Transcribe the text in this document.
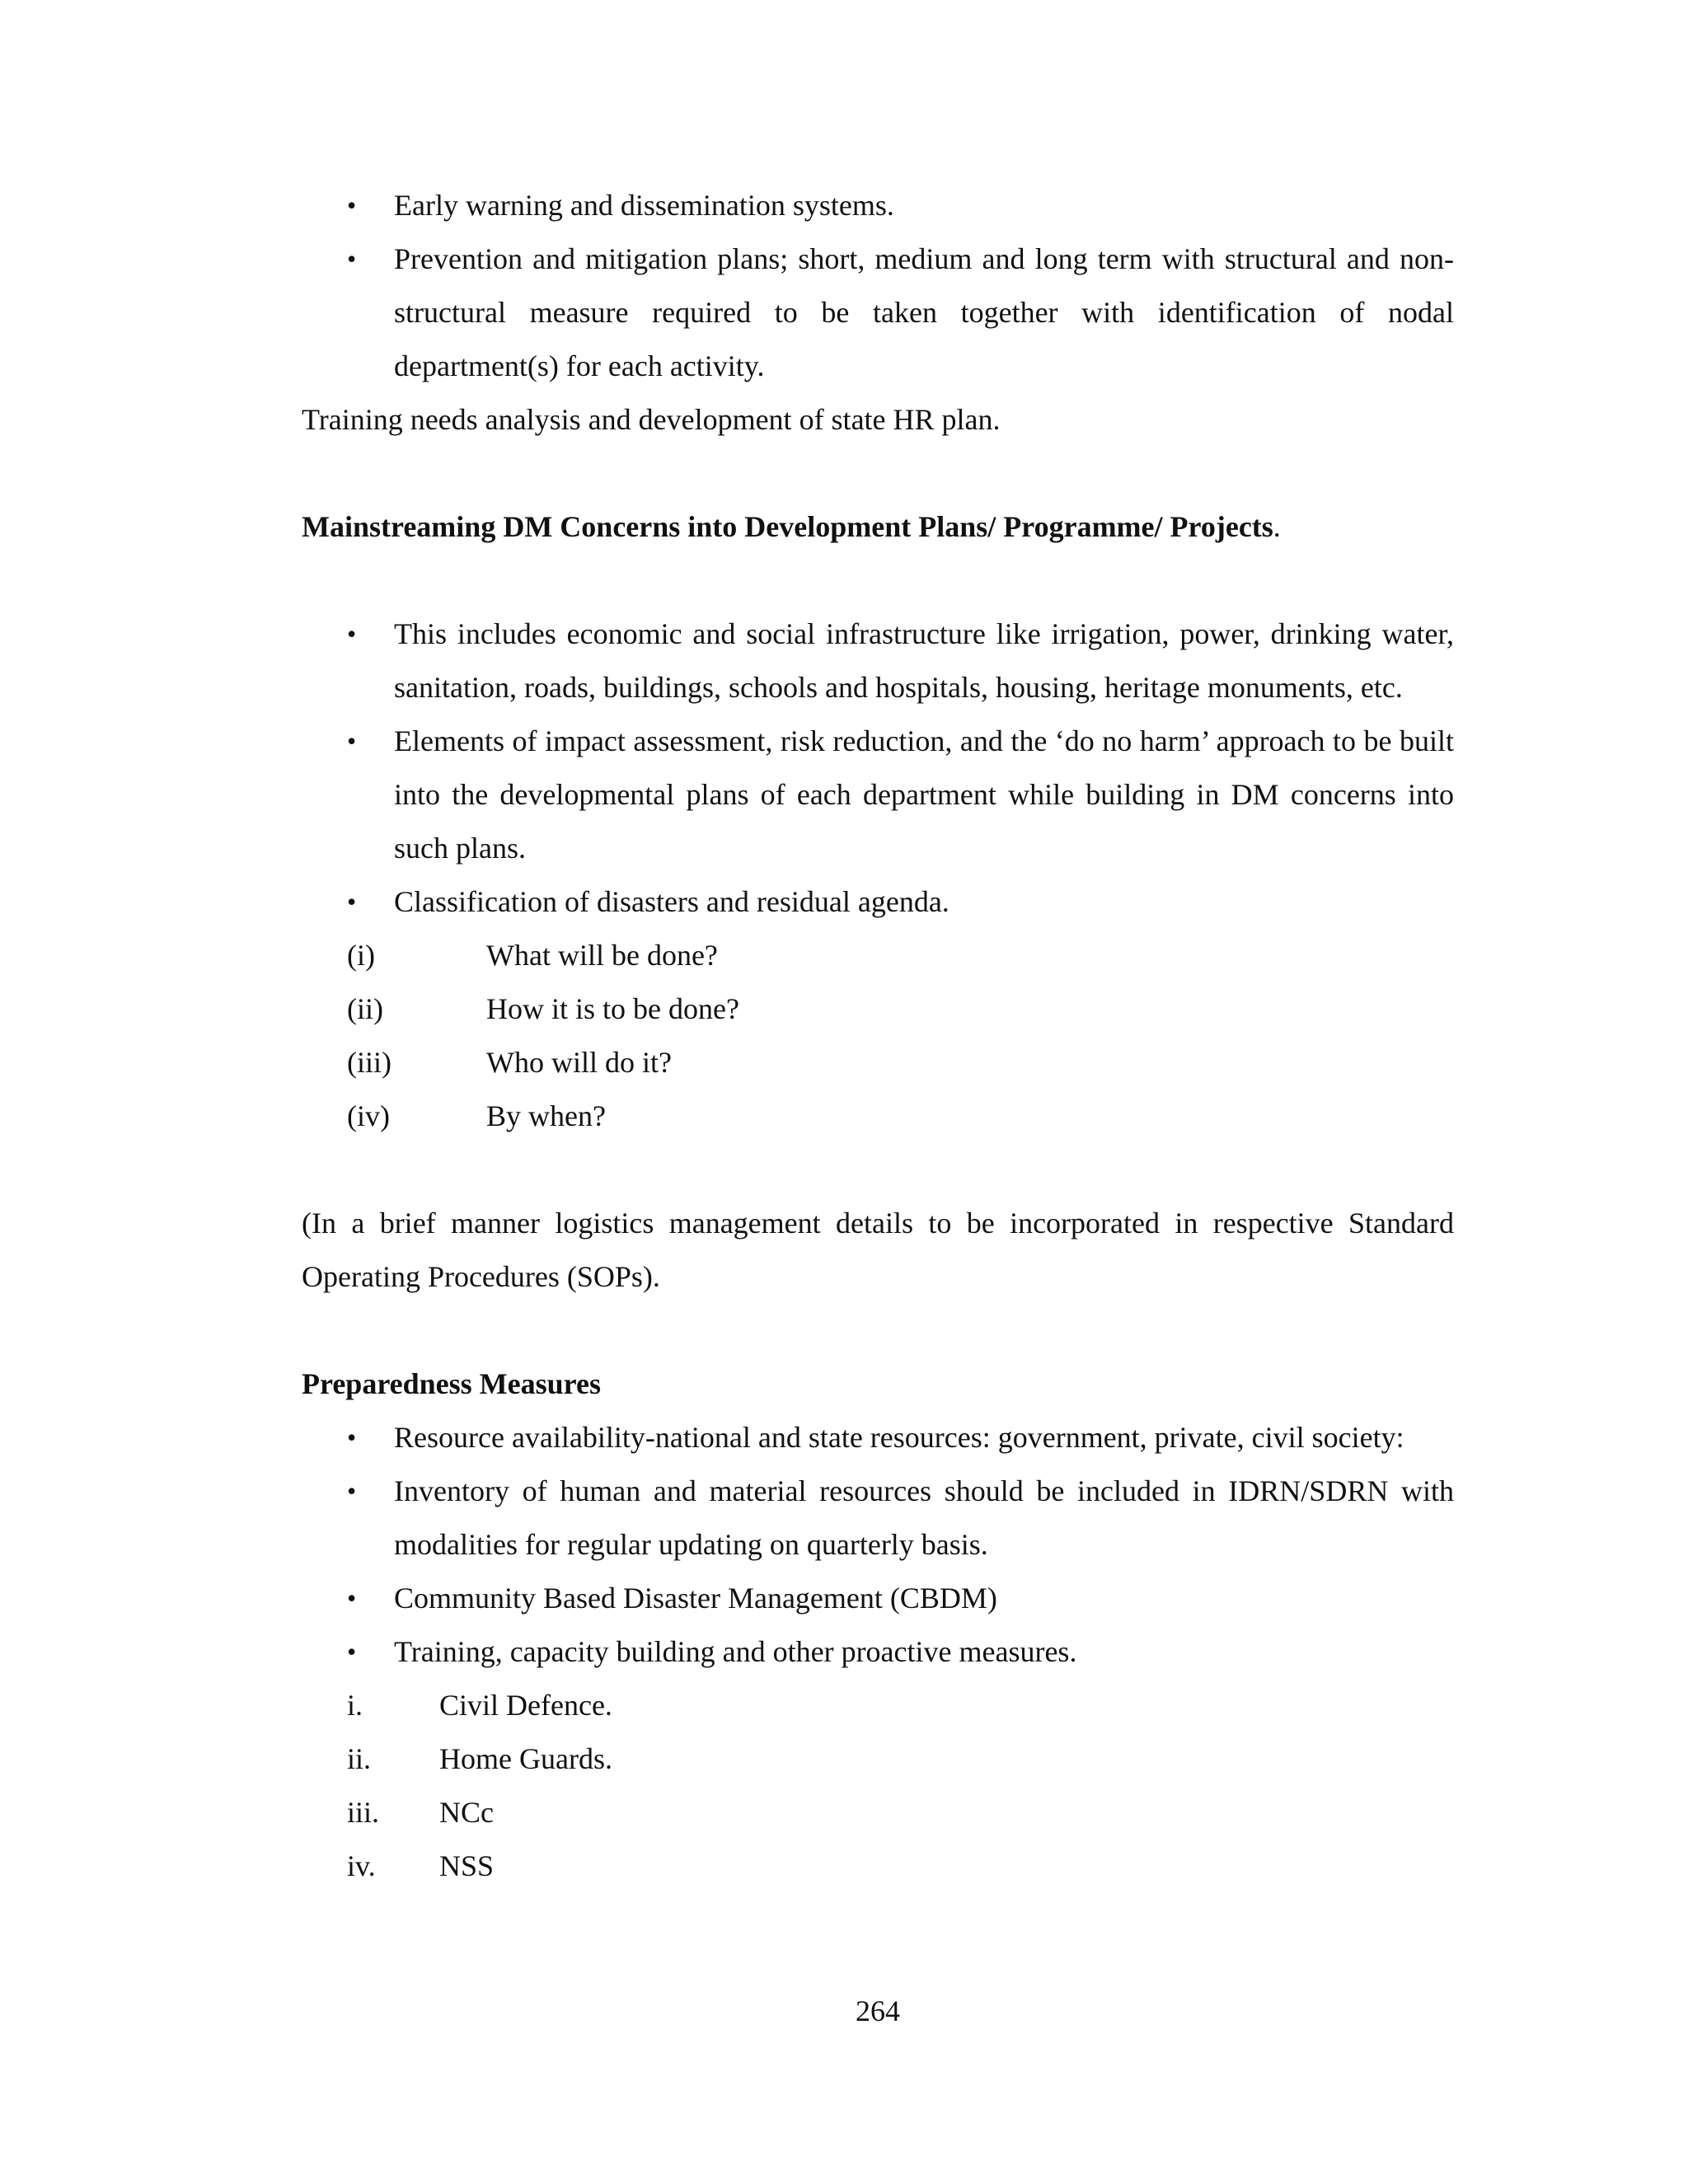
• Early warning and dissemination systems.
• Prevention and mitigation plans; short, medium and long term with structural and non-structural measure required to be taken together with identification of nodal department(s) for each activity.

Training needs analysis and development of state HR plan.

Mainstreaming DM Concerns into Development Plans/ Programme/ Projects.

• This includes economic and social infrastructure like irrigation, power, drinking water, sanitation, roads, buildings, schools and hospitals, housing, heritage monuments, etc.
• Elements of impact assessment, risk reduction, and the ‘do no harm’ approach to be built into the developmental plans of each department while building in DM concerns into such plans.
• Classification of disasters and residual agenda.
(i)	What will be done?
(ii)	How it is to be done?
(iii)	Who will do it?
(iv)	By when?

(In a brief manner logistics management details to be incorporated in respective Standard Operating Procedures (SOPs).

Preparedness Measures

• Resource availability-national and state resources: government, private, civil society:
• Inventory of human and material resources should be included in IDRN/SDRN with modalities for regular updating on quarterly basis.
• Community Based Disaster Management (CBDM)
• Training, capacity building and other proactive measures.
i.	Civil Defence.
ii. Home Guards.
iii. NCc
iv. NSS
264
